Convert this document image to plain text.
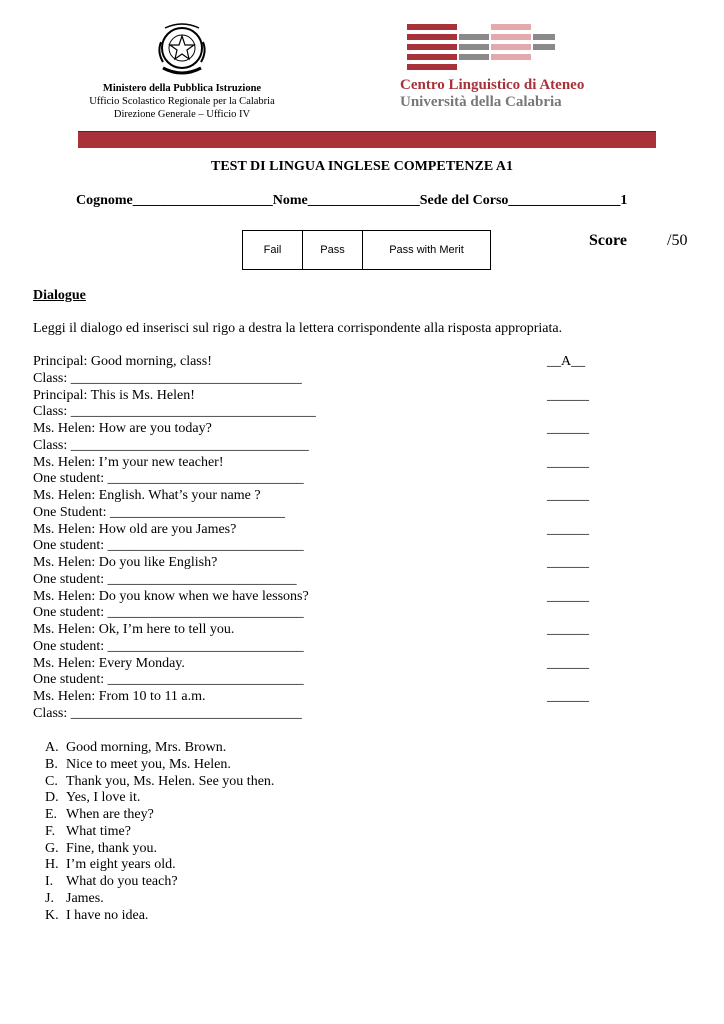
Ministero della Pubblica Istruzione
Ufficio Scolastico Regionale per la Calabria
Direzione Generale – Ufficio IV
Centro Linguistico di Ateneo
Università della Calabria
TEST DI LINGUA INGLESE COMPETENZE A1
Cognome____________________Nome________________Sede del Corso________________1
Fail	Pass	Pass with Merit
Score	/50
Dialogue
Leggi il dialogo ed inserisci sul rigo a destra la lettera corrispondente alla risposta appropriata.
Principal: Good morning, class!	__A__
Class: _________________________________
Principal: This is Ms. Helen!	______
Class: ___________________________________
Ms. Helen: How are you today?	______
Class: __________________________________
Ms. Helen: I’m your new teacher!	______
One student: ____________________________
Ms. Helen: English. What’s your name ?	______
One Student: _________________________
Ms. Helen: How old are you James?	______
One student: ____________________________
Ms. Helen: Do you like English?	______
One student: ___________________________
Ms. Helen: Do you know when we have lessons?	______
One student: ____________________________
Ms. Helen: Ok, I’m here to tell you.	______
One student: ____________________________
Ms. Helen: Every Monday.	______
One student: ____________________________
Ms. Helen: From 10 to 11 a.m.	______
Class: _________________________________
A. Good morning, Mrs. Brown.
B. Nice to meet you, Ms. Helen.
C. Thank you, Ms. Helen. See you then.
D. Yes, I love it.
E. When are they?
F. What time?
G. Fine, thank you.
H. I’m eight years old.
I. What do you teach?
J. James.
K. I have no idea.
